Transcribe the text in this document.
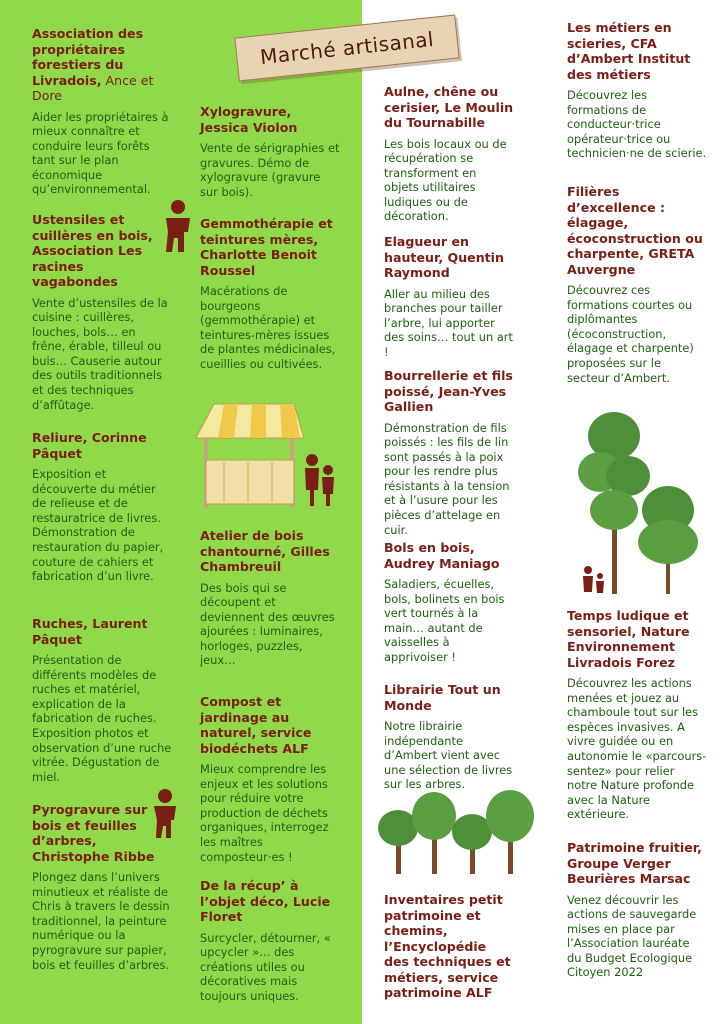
Marché artisanal
Association des propriétaires forestiers du Livradois, Ance et Dore
Aider les propriétaires à mieux connaître et conduire leurs forêts tant sur le plan économique qu’environnemental.
Ustensiles et cuillères en bois, Association Les racines vagabondes
Vente d’ustensiles de la cuisine : cuillères, louches, bols… en frêne, érable, tilleul ou buis… Causerie autour des outils traditionnels et des techniques d’affûtage.
Reliure, Corinne Pâquet
Exposition et découverte du métier de relieuse et de restauratrice de livres. Démonstration de restauration du papier, couture de cahiers et fabrication d’un livre.
Ruches, Laurent Pâquet
Présentation de différents modèles de ruches et matériel, explication de la fabrication de ruches. Exposition photos et observation d’une ruche vitrée. Dégustation de miel.
Pyrogravure sur bois et feuilles d’arbres, Christophe Ribbe
Plongez dans l’univers minutieux et réaliste de Chris à travers le dessin traditionnel, la peinture numérique ou la pyrogravure sur papier, bois et feuilles d’arbres.
Xylogravure, Jessica Violon
Vente de sérigraphies et gravures. Démo de xylogravure (gravure sur bois).
Gemmothérapie et teintures mères, Charlotte Benoit Roussel
Macérations de bourgeons (gemmothérapie) et teintures-mères issues de plantes médicinales, cueillies ou cultivées.
Atelier de bois chantourné, Gilles Chambreuil
Des bois qui se découpent et deviennent des œuvres ajourées : luminaires, horloges, puzzles, jeux…
Compost et jardinage au naturel, service biodéchets ALF
Mieux comprendre les enjeux et les solutions pour réduire votre production de déchets organiques, interrogez les maîtres composteur·es !
De la récup’ à l’objet déco, Lucie Floret
Surcycler, détourner, « upcycler »… des créations utiles ou décoratives mais toujours uniques.
Aulne, chêne ou cerisier, Le Moulin du Tournabille
Les bois locaux ou de récupération se transforment en objets utilitaires ludiques ou de décoration.
Elagueur en hauteur, Quentin Raymond
Aller au milieu des branches pour tailler l’arbre, lui apporter des soins… tout un art !
Bourrellerie et fils poissé, Jean-Yves Gallien
Démonstration de fils poissés : les fils de lin sont passés à la poix pour les rendre plus résistants à la tension et à l’usure pour les pièces d’attelage en cuir.
Bols en bois, Audrey Maniago
Saladiers, écuelles, bols, bolinets en bois vert tournés à la main… autant de vaisselles à apprivoiser !
Librairie Tout un Monde
Notre librairie indépendante d’Ambert vient avec une sélection de livres sur les arbres.
Inventaires petit patrimoine et chemins, l’Encyclopédie des techniques et métiers, service patrimoine ALF
Les métiers en scieries, CFA d’Ambert Institut des métiers
Découvrez les formations de conducteur·trice opérateur·trice ou technicien·ne de scierie.
Filières d’excellence : élagage, écoconstruction ou charpente, GRETA Auvergne
Découvrez ces formations courtes ou diplômantes (écoconstruction, élagage et charpente) proposées sur le secteur d’Ambert.
Temps ludique et sensoriel, Nature Environnement Livradois Forez
Découvrez les actions menées et jouez au chamboule tout sur les espèces invasives. A vivre guidée ou en autonomie le «parcours-sentez» pour relier notre Nature profonde avec la Nature extérieure.
Patrimoine fruitier, Groupe Verger Beurières Marsac
Venez découvrir les actions de sauvegarde mises en place par l’Association lauréate du Budget Ecologique Citoyen 2022
